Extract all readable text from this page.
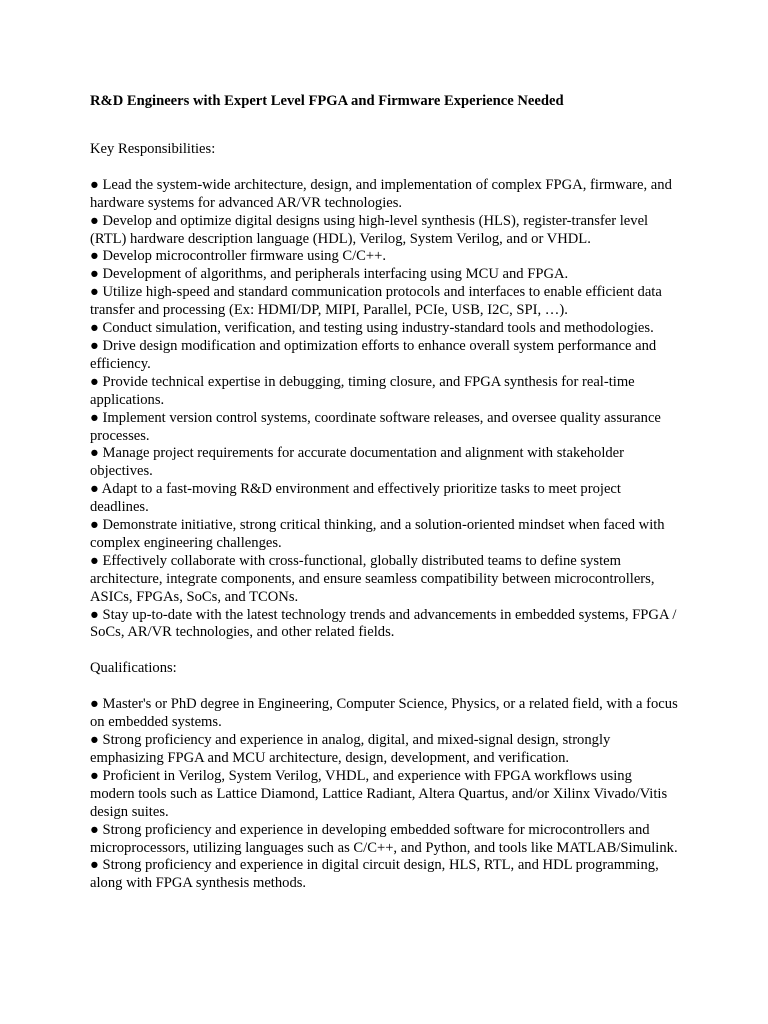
R&D Engineers with Expert Level FPGA and Firmware Experience Needed
Key Responsibilities:
● Lead the system-wide architecture, design, and implementation of complex FPGA, firmware, and hardware systems for advanced AR/VR technologies.
● Develop and optimize digital designs using high-level synthesis (HLS), register-transfer level (RTL) hardware description language (HDL), Verilog, System Verilog, and or VHDL.
● Develop microcontroller firmware using C/C++.
● Development of algorithms, and peripherals interfacing using MCU and FPGA.
● Utilize high-speed and standard communication protocols and interfaces to enable efficient data transfer and processing (Ex: HDMI/DP, MIPI, Parallel, PCIe, USB, I2C, SPI, …).
● Conduct simulation, verification, and testing using industry-standard tools and methodologies.
● Drive design modification and optimization efforts to enhance overall system performance and efficiency.
● Provide technical expertise in debugging, timing closure, and FPGA synthesis for real-time applications.
● Implement version control systems, coordinate software releases, and oversee quality assurance processes.
● Manage project requirements for accurate documentation and alignment with stakeholder objectives.
● Adapt to a fast-moving R&D environment and effectively prioritize tasks to meet project deadlines.
● Demonstrate initiative, strong critical thinking, and a solution-oriented mindset when faced with complex engineering challenges.
● Effectively collaborate with cross-functional, globally distributed teams to define system architecture, integrate components, and ensure seamless compatibility between microcontrollers, ASICs, FPGAs, SoCs, and TCONs.
● Stay up-to-date with the latest technology trends and advancements in embedded systems, FPGA / SoCs, AR/VR technologies, and other related fields.
Qualifications:
● Master's or PhD degree in Engineering, Computer Science, Physics, or a related field, with a focus on embedded systems.
● Strong proficiency and experience in analog, digital, and mixed-signal design, strongly emphasizing FPGA and MCU architecture, design, development, and verification.
● Proficient in Verilog, System Verilog, VHDL, and experience with FPGA workflows using modern tools such as Lattice Diamond, Lattice Radiant, Altera Quartus, and/or Xilinx Vivado/Vitis design suites.
● Strong proficiency and experience in developing embedded software for microcontrollers and microprocessors, utilizing languages such as C/C++, and Python, and tools like MATLAB/Simulink.
● Strong proficiency and experience in digital circuit design, HLS, RTL, and HDL programming, along with FPGA synthesis methods.
